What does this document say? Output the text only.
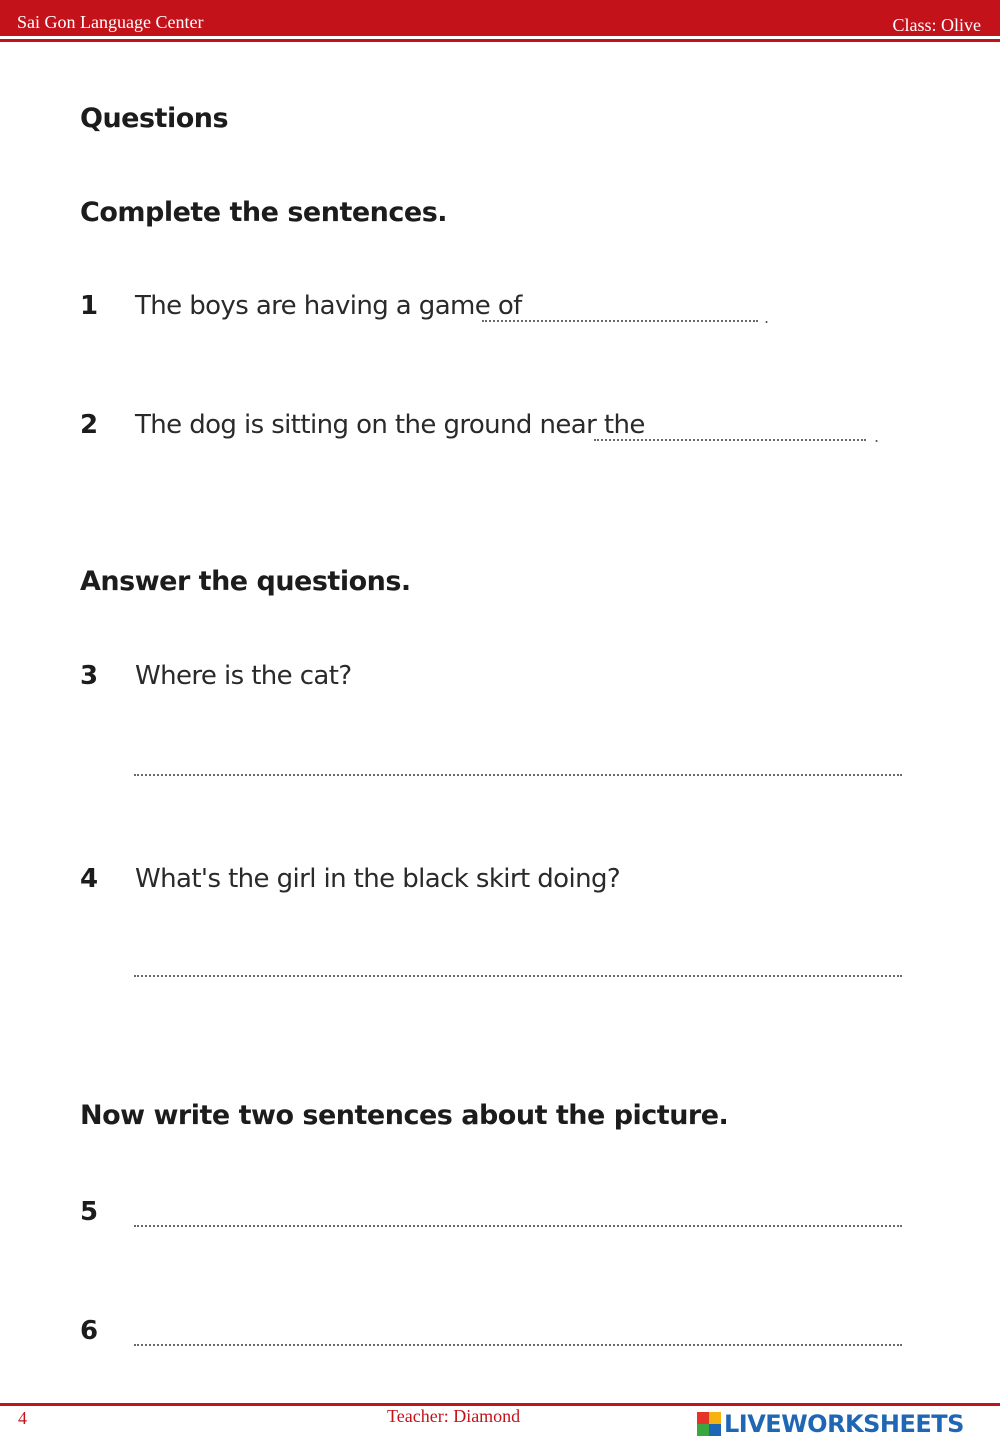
Sai Gon Language Center	Class: Olive
Questions
Complete the sentences.
1 The boys are having a game of	.
2 The dog is sitting on the ground near the	.
Answer the questions.
3 Where is the cat?
4 What's the girl in the black skirt doing?
Now write two sentences about the picture.
5
6
4	Teacher: Diamond	LIVEWORKSHEETS
